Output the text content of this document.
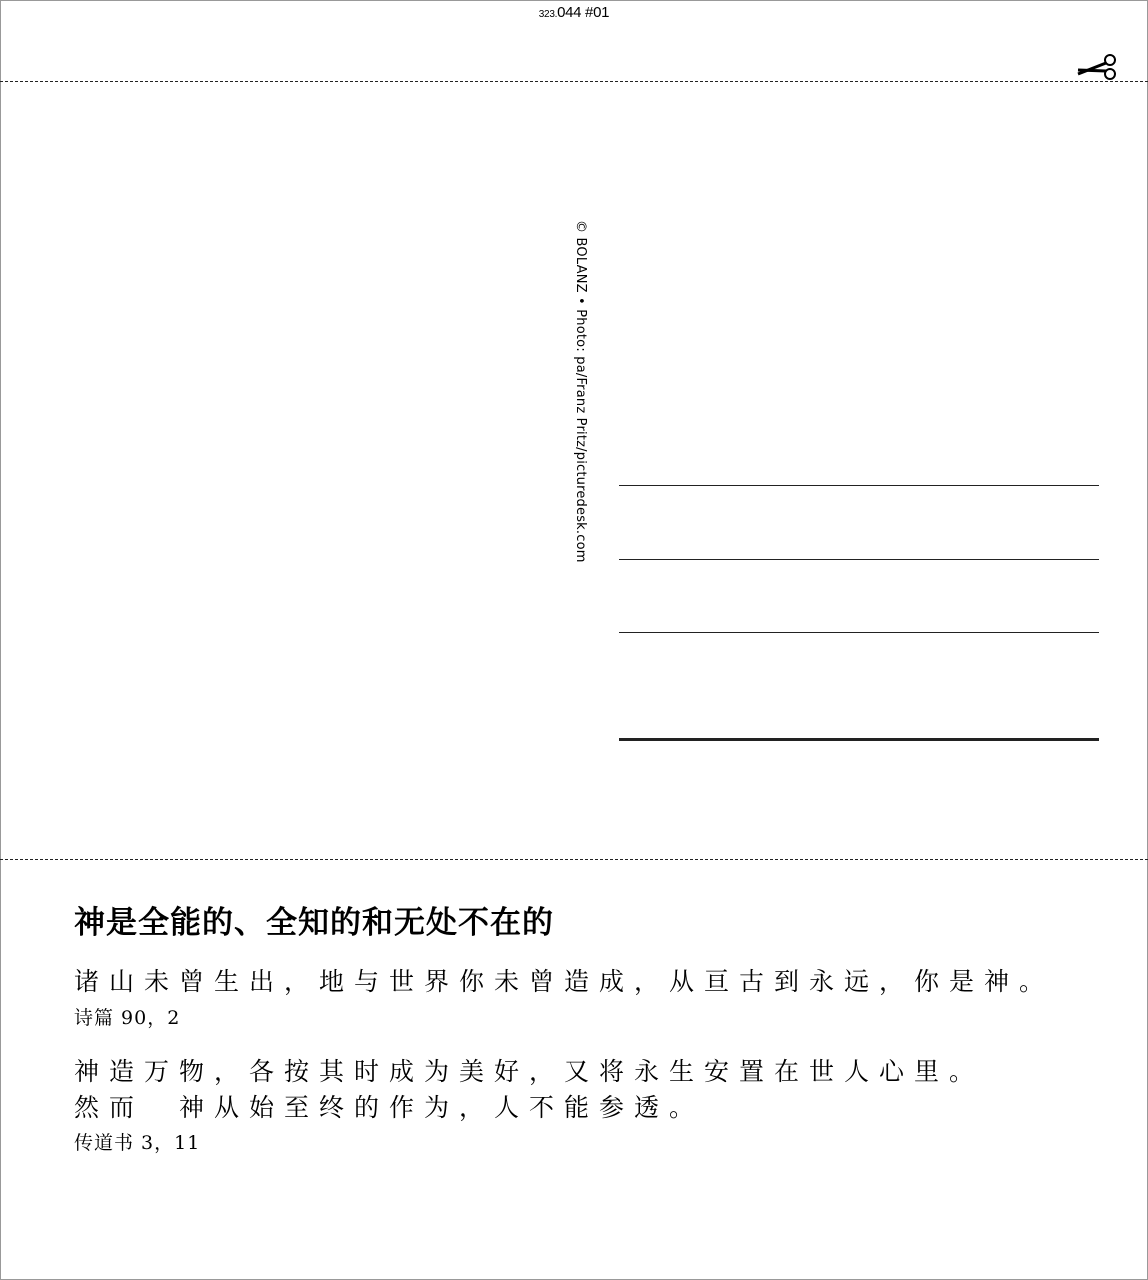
323.044 #01
© BOLANZ • Photo: pa/Franz Pritz/picturedesk.com
神是全能的、全知的和无处不在的
诸山未曾生出，地与世界你未曾造成，从亘古到永远，你是神。
诗篇 90，2
神造万物，各按其时成为美好，又将永生安置在世人心里。
然而　神从始至终的作为，人不能参透。
传道书 3，11
